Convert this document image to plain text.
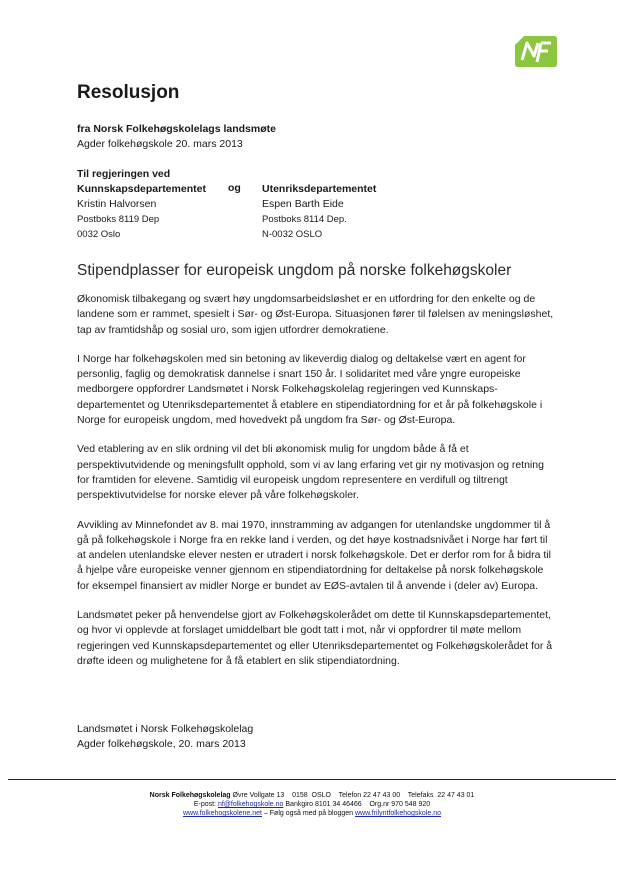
Resolusjon
fra Norsk Folkehøgskolelags landsmøte
Agder folkehøgskole 20. mars 2013
Til regjeringen ved
Kunnskapsdepartementet
Kristin Halvorsen
Postboks 8119 Dep
0032 Oslo
og Utenriksdepartementet
Espen Barth Eide
Postboks 8114 Dep.
N-0032 OSLO
Stipendplasser for europeisk ungdom på norske folkehøgskoler

Økonomisk tilbakegang og svært høy ungdomsarbeidsløshet er en utfordring for den enkelte og de landene som er rammet, spesielt i Sør- og Øst-Europa. Situasjonen fører til følelsen av meningsløshet, tap av framtidshåp og sosial uro, som igjen utfordrer demokratiene.

I Norge har folkehøgskolen med sin betoning av likeverdig dialog og deltakelse vært en agent for personlig, faglig og demokratisk dannelse i snart 150 år. I solidaritet med våre yngre europeiske medborgere oppfordrer Landsmøtet i Norsk Folkehøgskolelag regjeringen ved Kunnskaps-departementet og Utenriksdepartementet å etablere en stipendiatordning for et år på folkehøgskole i Norge for europeisk ungdom, med hovedvekt på ungdom fra Sør- og Øst-Europa.

Ved etablering av en slik ordning vil det bli økonomisk mulig for ungdom både å få et perspektivutvidende og meningsfullt opphold, som vi av lang erfaring vet gir ny motivasjon og retning for framtiden for elevene. Samtidig vil europeisk ungdom representere en verdifull og tiltrengt perspektivutvidelse for norske elever på våre folkehøgskoler.

Avvikling av Minnefondet av 8. mai 1970, innstramming av adgangen for utenlandske ungdommer til å gå på folkehøgskole i Norge fra en rekke land i verden, og det høye kostnadsnivået i Norge har ført til at andelen utenlandske elever nesten er utradert i norsk folkehøgskole. Det er derfor rom for å bidra til å hjelpe våre europeiske venner gjennom en stipendiatordning for deltakelse på norsk folkehøgskole for eksempel finansiert av midler Norge er bundet av EØS-avtalen til å anvende i (deler av) Europa.

Landsmøtet peker på henvendelse gjort av Folkehøgskolerådet om dette til Kunnskapsdepartementet, og hvor vi opplevde at forslaget umiddelbart ble godt tatt i mot, når vi oppfordrer til møte mellom regjeringen ved Kunnskapsdepartementet og eller Utenriksdepartementet og Folkehøgskolerådet for å drøfte ideen og mulighetene for å få etablert en slik stipendiatordning.

Landsmøtet i Norsk Folkehøgskolelag
Agder folkehøgskole, 20. mars 2013
Norsk Folkehøgskolelag Øvre Vollgate 13    0158  OSLO    Telefon 22 47 43 00    Telefaks  22 47 43 01
E-post: nf@folkehogskole.no Bankgiro 8101 34 46466    Org.nr 970 548 920
www.folkehogskolene.net – Følg også med på bloggen www.frilyntfolkehogskole.no
